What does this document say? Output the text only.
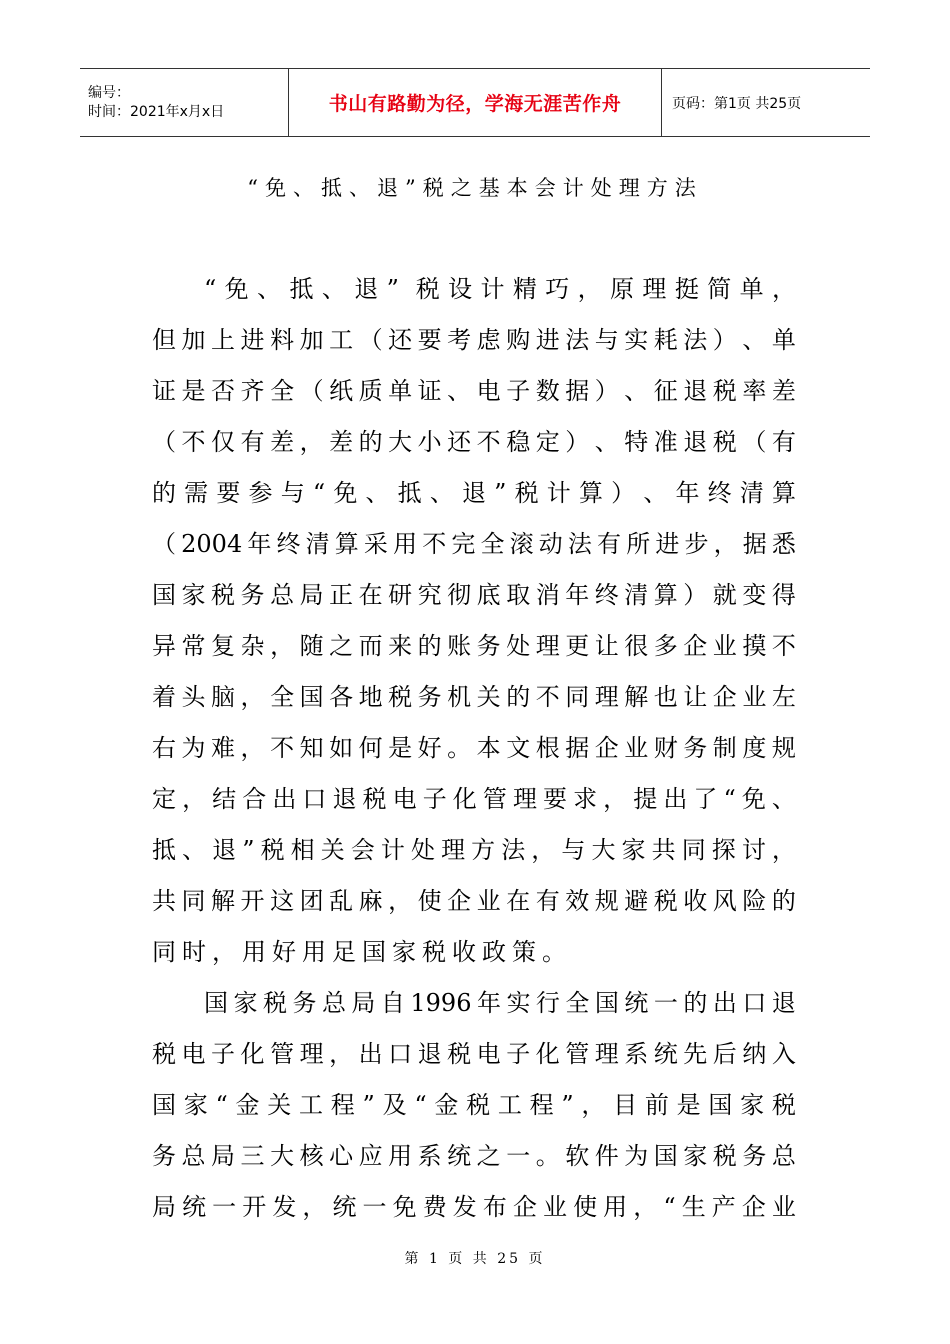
编号：
时间：2021年x月x日	书山有路勤为径，学海无涯苦作舟	页码：第1页 共25页
“免、抵、退”税之基本会计处理方法
“ 免 、 抵 、 退 ” 税 设 计 精 巧 ， 原 理 挺 简 单 ，
但 加 上 进 料 加 工 （ 还 要 考 虑 购 进 法 与 实 耗 法 ） 、 单
证 是 否 齐 全 （ 纸 质 单 证 、 电 子 数 据 ） 、 征 退 税 率 差
（ 不 仅 有 差 ， 差 的 大 小 还 不 稳 定 ） 、 特 准 退 税 （ 有
的 需 要 参 与 “ 免 、 抵 、 退 ” 税 计 算 ） 、 年 终 清 算
（ 2004 年 终 清 算 采 用 不 完 全 滚 动 法 有 所 进 步 ， 据 悉
国 家 税 务 总 局 正 在 研 究 彻 底 取 消 年 终 清 算 ） 就 变 得
异 常 复 杂 ， 随 之 而 来 的 账 务 处 理 更 让 很 多 企 业 摸 不
着 头 脑 ， 全 国 各 地 税 务 机 关 的 不 同 理 解 也 让 企 业 左
右 为 难 ， 不 知 如 何 是 好 。 本 文 根 据 企 业 财 务 制 度 规
定 ， 结 合 出 口 退 税 电 子 化 管 理 要 求 ， 提 出 了 “ 免 、
抵 、 退 ” 税 相 关 会 计 处 理 方 法 ， 与 大 家 共 同 探 讨 ，
共 同 解 开 这 团 乱 麻 ， 使 企 业 在 有 效 规 避 税 收 风 险 的
同时，用好用足国家税收政策。
国 家 税 务 总 局 自 1996 年 实 行 全 国 统 一 的 出 口 退
税 电 子 化 管 理 ， 出 口 退 税 电 子 化 管 理 系 统 先 后 纳 入
国 家 “ 金 关 工 程 ” 及 “ 金 税 工 程 ” ， 目 前 是 国 家 税
务 总 局 三 大 核 心 应 用 系 统 之 一 。 软 件 为 国 家 税 务 总
局 统 一 开 发 ， 统 一 免 费 发 布 企 业 使 用 ， “ 生 产 企 业
第 1 页 共 25 页
